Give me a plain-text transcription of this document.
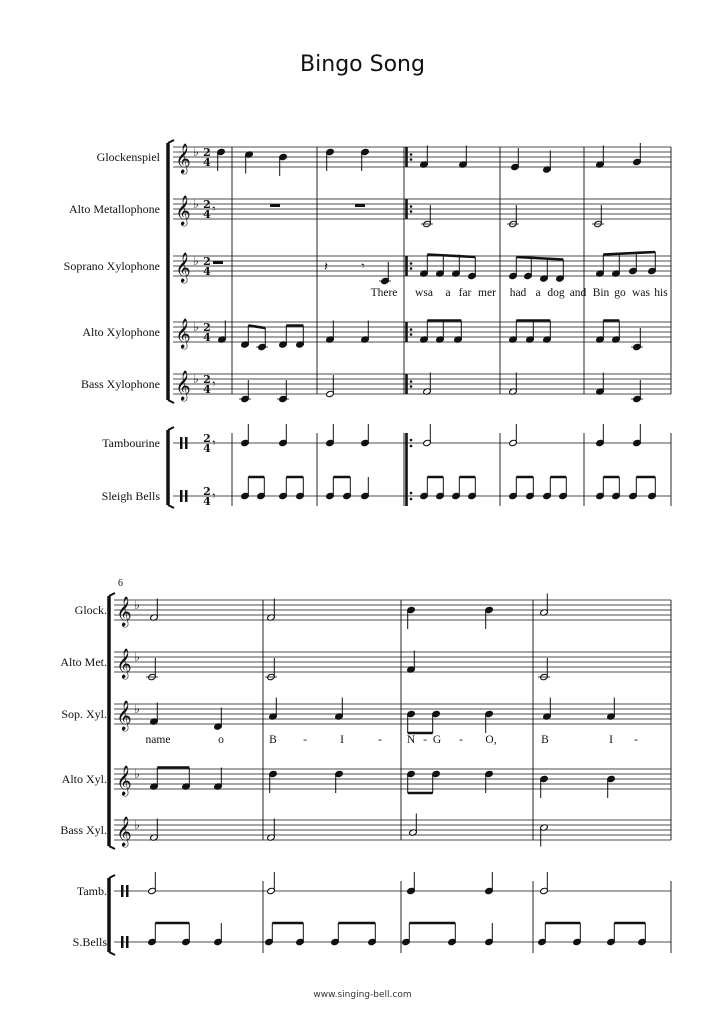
Bingo Song
Glockenspiel
Alto Metallophone
Soprano Xylophone
Alto Xylophone
Bass Xylophone
Tambourine
Sleigh Bells
There wsa a far mer had a dog and Bin go was his
6
Glock.
Alto Met.
Sop. Xyl.
Alto Xyl.
Bass Xyl.
Tamb.
S.Bells
name	o	B -	I	- N - G - O,	B	I -
𝄞 ♭ 2
4
𝄞 ♭ 2
4
𝄞 ♭ 2
4
𝄞 ♭ 2
4
𝄞 ♭ 2
4
2
4
2
4
𝄾
𝄽	𝄾
𝄾
𝄾
𝄾
𝄞 ♭
𝄞 ♭
𝄞 ♭
𝄞 ♭
𝄞 ♭
www.singing-bell.com
